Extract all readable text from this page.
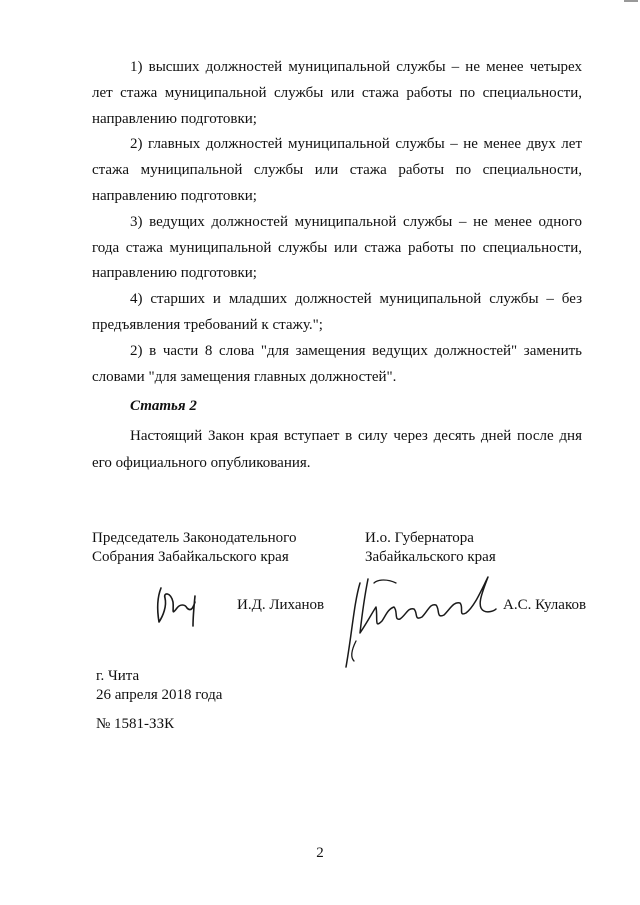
1) высших должностей муниципальной службы – не менее четырех лет стажа муниципальной службы или стажа работы по специальности, направлению подготовки;

2) главных должностей муниципальной службы – не менее двух лет стажа муниципальной службы или стажа работы по специальности, направлению подготовки;

3) ведущих должностей муниципальной службы – не менее одного года стажа муниципальной службы или стажа работы по специальности, направлению подготовки;

4) старших и младших должностей муниципальной службы – без предъявления требований к стажу.";

2) в части 8 слова "для замещения ведущих должностей" заменить словами "для замещения главных должностей".

Статья 2

Настоящий Закон края вступает в силу через десять дней после дня его официального опубликования.

Председатель Законодательного
Собрания Забайкальского края
И.о. Губернатора
Забайкальского края
И.Д. Лиханов	А.С. Кулаков
г. Чита
26 апреля 2018 года
№ 1581-ЗЗК
2
